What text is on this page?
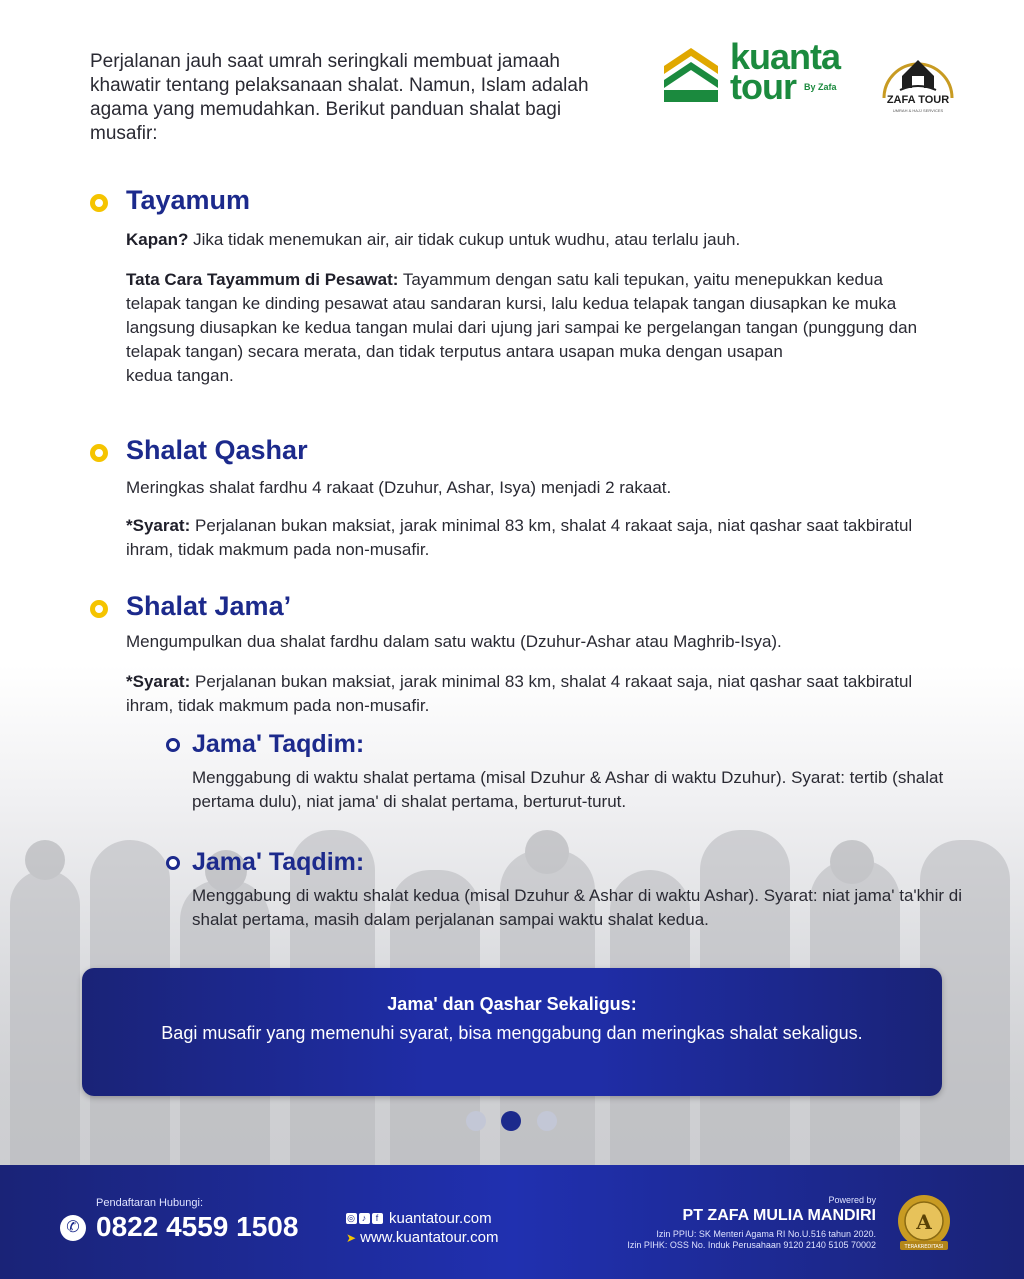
Perjalanan jauh saat umrah seringkali membuat jamaah khawatir tentang pelaksanaan shalat. Namun, Islam adalah agama yang memudahkan. Berikut panduan shalat bagi musafir:

kuanta
tour By Zafa
ZAFA TOUR
UMRAH & HAJJ SERVICES
Tayamum

Kapan? Jika tidak menemukan air, air tidak cukup untuk wudhu, atau terlalu jauh.

Tata Cara Tayammum di Pesawat: Tayammum dengan satu kali tepukan, yaitu menepukkan kedua telapak tangan ke dinding pesawat atau sandaran kursi, lalu kedua telapak tangan diusapkan ke muka langsung diusapkan ke kedua tangan mulai dari ujung jari sampai ke pergelangan tangan (punggung dan telapak tangan) secara merata, dan tidak terputus antara usapan muka dengan usapan
kedua tangan.

Shalat Qashar

Meringkas shalat fardhu 4 rakaat (Dzuhur, Ashar, Isya) menjadi 2 rakaat.

*Syarat: Perjalanan bukan maksiat, jarak minimal 83 km, shalat 4 rakaat saja, niat qashar saat takbiratul ihram, tidak makmum pada non-musafir.

Shalat Jama’

Mengumpulkan dua shalat fardhu dalam satu waktu (Dzuhur-Ashar atau Maghrib-Isya).

*Syarat: Perjalanan bukan maksiat, jarak minimal 83 km, shalat 4 rakaat saja, niat qashar saat takbiratul ihram, tidak makmum pada non-musafir.

Jama' Taqdim:

Menggabung di waktu shalat pertama (misal Dzuhur & Ashar di waktu Dzuhur). Syarat: tertib (shalat pertama dulu), niat jama' di shalat pertama, berturut-turut.

Jama' Taqdim:

Menggabung di waktu shalat kedua (misal Dzuhur & Ashar di waktu Ashar). Syarat: niat jama' ta'khir di shalat pertama, masih dalam perjalanan sampai waktu shalat kedua.

Jama' dan Qashar Sekaligus:
Bagi musafir yang memenuhi syarat, bisa menggabung dan meringkas shalat sekaligus.
Pendaftaran Hubungi:
✆ 0822 4559 1508	◎ ♪ f kuantatour.com
➤ www.kuantatour.com
Powered by
PT ZAFA MULIA MANDIRI
Izin PPIU: SK Menteri Agama RI No.U.516 tahun 2020.
Izin PIHK: OSS No. Induk Perusahaan 9120 2140 5105 70002
A
TERAKREDITASI
